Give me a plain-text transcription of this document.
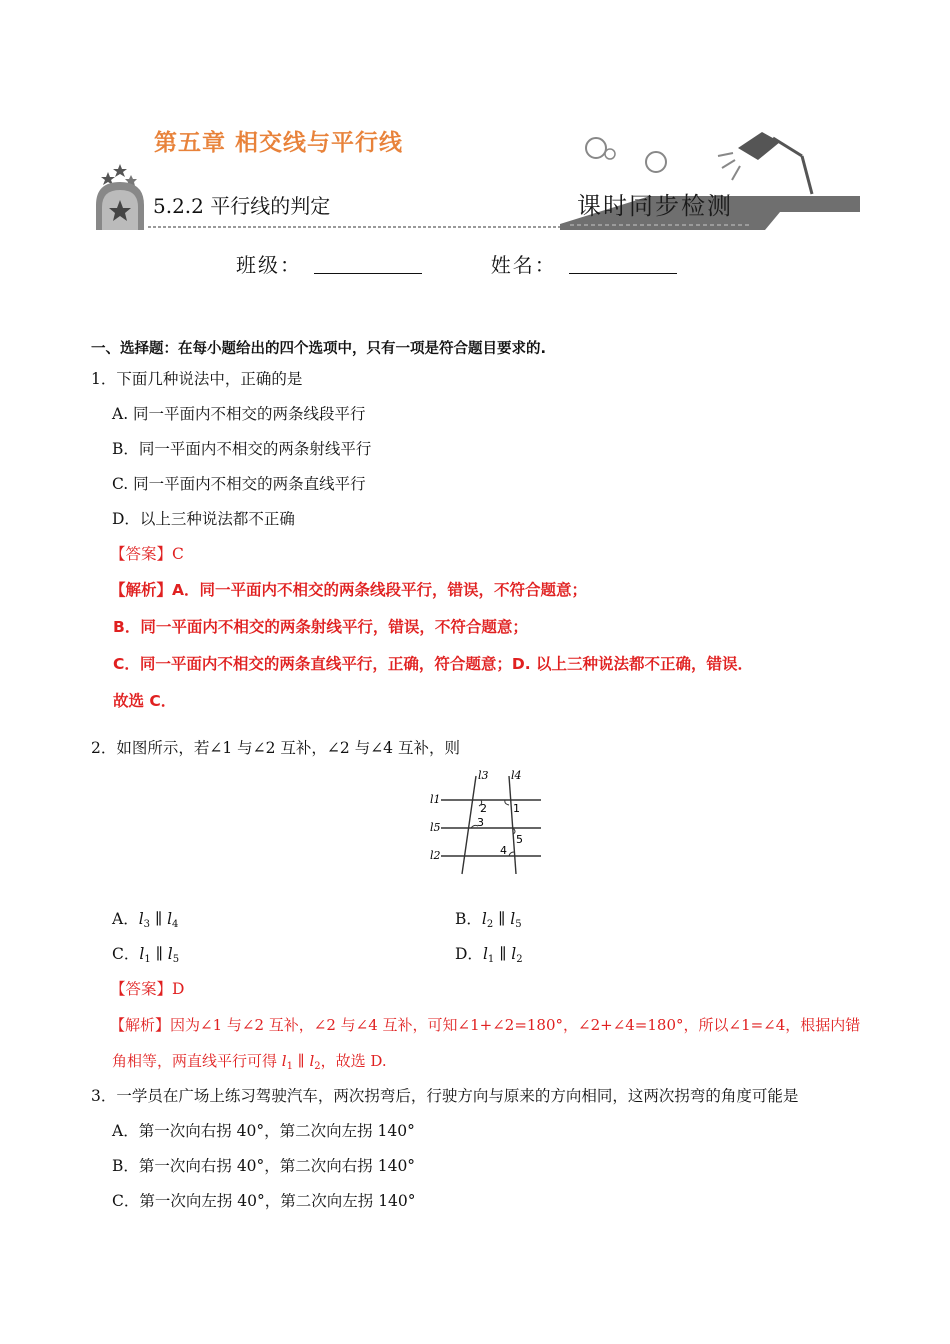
第五章 相交线与平行线
5.2.2 平行线的判定	课时同步检测
班级：	姓名：
一、选择题：在每小题给出的四个选项中，只有一项是符合题目要求的.
1．下面几种说法中，正确的是
A. 同一平面内不相交的两条线段平行
B．同一平面内不相交的两条射线平行
C. 同一平面内不相交的两条直线平行
D．以上三种说法都不正确
【答案】C
【解析】A．同一平面内不相交的两条线段平行，错误，不符合题意；
B．同一平面内不相交的两条射线平行，错误，不符合题意；
C．同一平面内不相交的两条直线平行，正确，符合题意；D. 以上三种说法都不正确，错误．
故选 C．
2．如图所示，若∠1 与∠2 互补，∠2 与∠4 互补，则
l3 l4
l1
l5
l2
2 1
3
5
4
A．$l_3$ ∥ $l_4$	B．$l_2$ ∥ $l_5$
C．$l_1$ ∥ $l_5$	D．$l_1$ ∥ $l_2$
【答案】D
【解析】因为∠1 与∠2 互补，∠2 与∠4 互补，可知∠1+∠2=180°，∠2+∠4=180°，所以∠1=∠4，根据内错
角相等，两直线平行可得 $l_1$ ∥ $l_2$，故选 D.
3．一学员在广场上练习驾驶汽车，两次拐弯后，行驶方向与原来的方向相同，这两次拐弯的角度可能是
A．第一次向右拐 40°，第二次向左拐 140°
B．第一次向右拐 40°，第二次向右拐 140°
C．第一次向左拐 40°，第二次向左拐 140°
